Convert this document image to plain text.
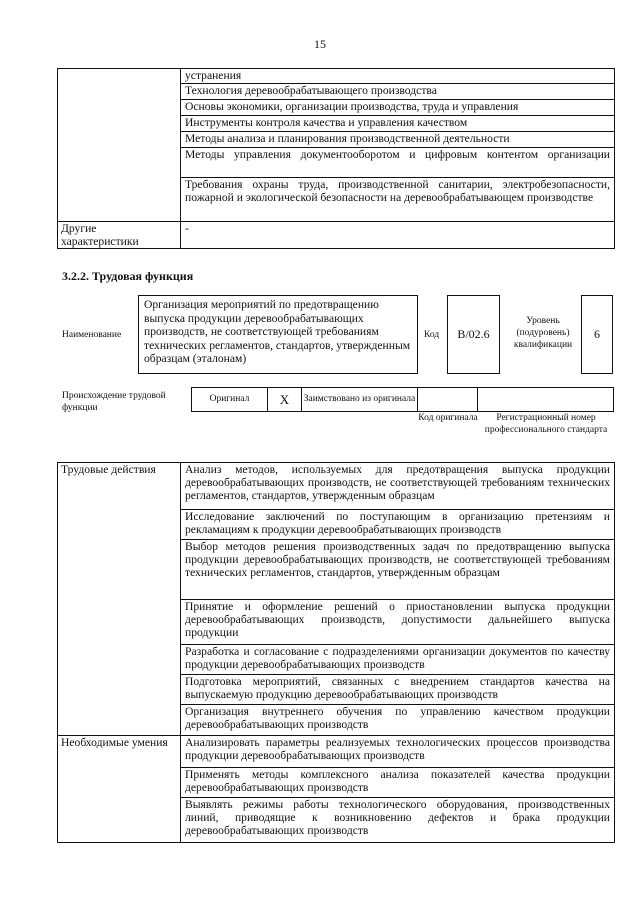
15
	устранения
	Технология деревообрабатывающего производства
	Основы экономики, организации производства, труда и управления
	Инструменты контроля качества и управления качеством
	Методы анализа и планирования производственной деятельности
	Методы управления документооборотом и цифровым контентом организации
	Требования охраны труда, производственной санитарии, электробезопасности, пожарной и экологической безопасности на деревообрабатывающем производстве
Другие характеристики	-
3.2.2. Трудовая функция
Наименование
Организация мероприятий по предотвращению выпуска продукции деревообрабатывающих производств, не соответствующей требованиям технических регламентов, стандартов, утвержденным образцам (эталонам)
Код	B/02.6
Уровень (подуровень) квалификации
6
Происхождение трудовой функции
Оригинал	X	Заимствовано из оригинала		
Код оригинала	Регистрационный номер профессионального стандарта
Трудовые действия	Анализ методов, используемых для предотвращения выпуска продукции деревообрабатывающих производств, не соответствующей требованиям технических регламентов, стандартов, утвержденным образцам
	Исследование заключений по поступающим в организацию претензиям и рекламациям к продукции деревообрабатывающих производств
	Выбор методов решения производственных задач по предотвращению выпуска продукции деревообрабатывающих производств, не соответствующей требованиям технических регламентов, стандартов, утвержденным образцам
	Принятие и оформление решений о приостановлении выпуска продукции деревообрабатывающих производств, допустимости дальнейшего выпуска продукции
	Разработка и согласование с подразделениями организации документов по качеству продукции деревообрабатывающих производств
	Подготовка мероприятий, связанных с внедрением стандартов качества на выпускаемую продукцию деревообрабатывающих производств
	Организация внутреннего обучения по управлению качеством продукции деревообрабатывающих производств
Необходимые умения	Анализировать параметры реализуемых технологических процессов производства продукции деревообрабатывающих производств
	Применять методы комплексного анализа показателей качества продукции деревообрабатывающих производств
	Выявлять режимы работы технологического оборудования, производственных линий, приводящие к возникновению дефектов и брака продукции деревообрабатывающих производств
